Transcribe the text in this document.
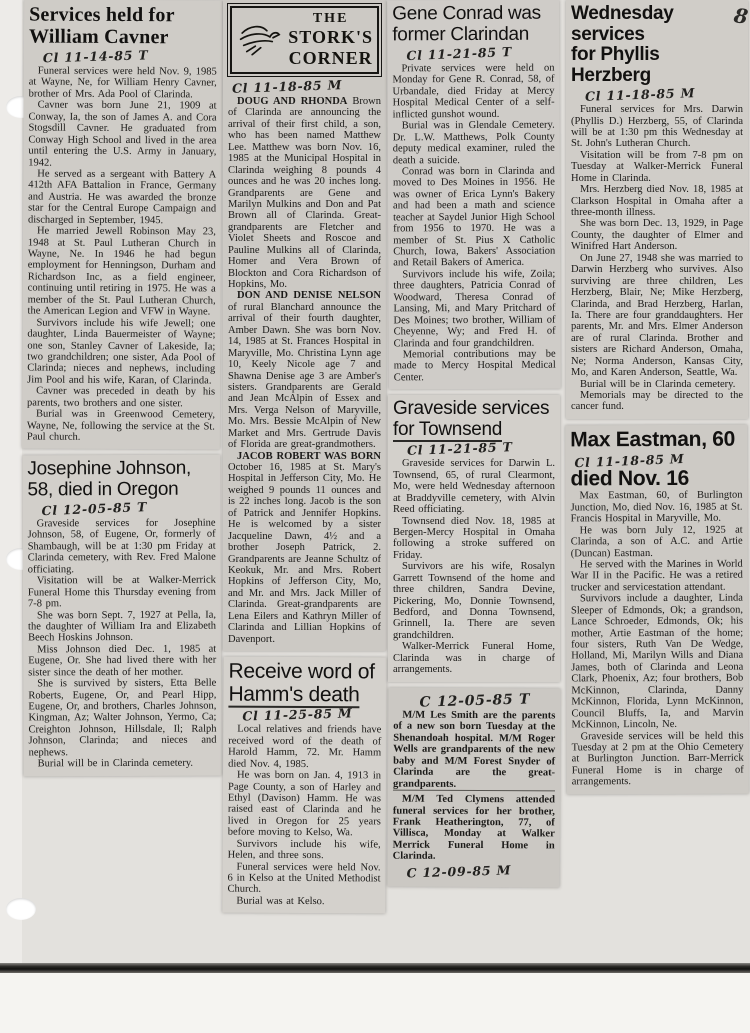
Services held for
William Cavner
Cl 11-14-85 T

Funeral services were held Nov. 9, 1985 at Wayne, Ne, for William Henry Cavner, brother of Mrs. Ada Pool of Clarinda.

Cavner was born June 21, 1909 at Conway, Ia, the son of James A. and Cora Stogsdill Cavner. He graduated from Conway High School and lived in the area until entering the U.S. Army in January, 1942.

He served as a sergeant with Battery A 412th AFA Battalion in France, Germany and Austria. He was awarded the bronze star for the Central Europe Campaign and discharged in September, 1945.

He married Jewell Robinson May 23, 1948 at St. Paul Lutheran Church in Wayne, Ne. In 1946 he had begun employment for Henningson, Durham and Richardson Inc, as a field engineer, continuing until retiring in 1975. He was a member of the St. Paul Lutheran Church, the American Legion and VFW in Wayne.

Survivors include his wife Jewell; one daughter, Linda Bauermeister of Wayne; one son, Stanley Cavner of Lakeside, Ia; two grandchildren; one sister, Ada Pool of Clarinda; nieces and nephews, including Jim Pool and his wife, Karan, of Clarinda.

Cavner was preceded in death by his parents, two brothers and one sister.

Burial was in Greenwood Cemetery, Wayne, Ne, following the service at the St. Paul church.

Josephine Johnson,
58, died in Oregon
Cl 12-05-85 T

Graveside services for Josephine Johnson, 58, of Eugene, Or, formerly of Shambaugh, will be at 1:30 pm Friday at Clarinda cemetery, with Rev. Fred Malone officiating.

Visitation will be at Walker-Merrick Funeral Home this Thursday evening from 7-8 pm.

She was born Sept. 7, 1927 at Pella, Ia, the daughter of William Ira and Elizabeth Beech Hoskins Johnson.

Miss Johnson died Dec. 1, 1985 at Eugene, Or. She had lived there with her sister since the death of her mother.

She is survived by sisters, Etta Belle Roberts, Eugene, Or, and Pearl Hipp, Eugene, Or, and brothers, Charles Johnson, Kingman, Az; Walter Johnson, Yermo, Ca; Creighton Johnson, Hillsdale, Il; Ralph Johnson, Clarinda; and nieces and nephews.

Burial will be in Clarinda cemetery.

THE
STORK'S
CORNER
Cl 11-18-85 M

DOUG AND RHONDA Brown of Clarinda are announcing the arrival of their first child, a son, who has been named Matthew Lee. Matthew was born Nov. 16, 1985 at the Municipal Hospital in Clarinda weighing 8 pounds 4 ounces and he was 20 inches long. Grandparents are Gene and Marilyn Mulkins and Don and Pat Brown all of Clarinda. Great-grandparents are Fletcher and Violet Sheets and Roscoe and Pauline Mulkins all of Clarinda, Homer and Vera Brown of Blockton and Cora Richardson of Hopkins, Mo.

DON AND DENISE NELSON of rural Blanchard announce the arrival of their fourth daughter, Amber Dawn. She was born Nov. 14, 1985 at St. Frances Hospital in Maryville, Mo. Christina Lynn age 10, Keely Nicole age 7 and Shawna Denise age 3 are Amber's sisters. Grandparents are Gerald and Jean McAlpin of Essex and Mrs. Verga Nelson of Maryville, Mo. Mrs. Bessie McAlpin of New Market and Mrs. Gertrude Davis of Florida are great-grandmothers.

JACOB ROBERT WAS BORN October 16, 1985 at St. Mary's Hospital in Jefferson City, Mo. He weighed 9 pounds 11 ounces and is 22 inches long. Jacob is the son of Patrick and Jennifer Hopkins. He is welcomed by a sister Jacqueline Dawn, 4½ and a brother Joseph Patrick, 2. Grandparents are Jeanne Schultz of Keokuk, Mr. and Mrs. Robert Hopkins of Jefferson City, Mo, and Mr. and Mrs. Jack Miller of Clarinda. Great-grandparents are Lena Eilers and Kathryn Miller of Clarinda and Lillian Hopkins of Davenport.

Receive word of
Hamm's death
Cl 11-25-85 M

Local relatives and friends have received word of the death of Harold Hamm, 72. Mr. Hamm died Nov. 4, 1985.

He was born on Jan. 4, 1913 in Page County, a son of Harley and Ethyl (Davison) Hamm. He was raised east of Clarinda and he lived in Oregon for 25 years before moving to Kelso, Wa.

Survivors include his wife, Helen, and three sons.

Funeral services were held Nov. 6 in Kelso at the United Methodist Church.

Burial was at Kelso.

Gene Conrad was
former Clarindan
Cl 11-21-85 T

Private services were held on Monday for Gene R. Conrad, 58, of Urbandale, died Friday at Mercy Hospital Medical Center of a self-inflicted gunshot wound.

Burial was in Glendale Cemetery. Dr. L.W. Matthews, Polk County deputy medical examiner, ruled the death a suicide.

Conrad was born in Clarinda and moved to Des Moines in 1956. He was owner of Erica Lynn's Bakery and had been a math and science teacher at Saydel Junior High School from 1956 to 1970. He was a member of St. Pius X Catholic Church, Iowa, Bakers' Association and Retail Bakers of America.

Survivors include his wife, Zoila; three daughters, Patricia Conrad of Woodward, Theresa Conrad of Lansing, Mi, and Mary Pritchard of Des Moines; two brother, William of Cheyenne, Wy; and Fred H. of Clarinda and four grandchildren.

Memorial contributions may be made to Mercy Hospital Medical Center.

Graveside services
for Townsend
Cl 11-21-85 T

Graveside services for Darwin L. Townsend, 65, of rural Clearmont, Mo, were held Wednesday afternoon at Braddyville cemetery, with Alvin Reed officiating.

Townsend died Nov. 18, 1985 at Bergen-Mercy Hospital in Omaha following a stroke suffered on Friday.

Survivors are his wife, Rosalyn Garrett Townsend of the home and three children, Sandra Devine, Pickering, Mo, Donnie Townsend, Bedford, and Donna Townsend, Grinnell, Ia. There are seven grandchildren.

Walker-Merrick Funeral Home, Clarinda was in charge of arrangements.

C 12-05-85 T

M/M Les Smith are the parents of a new son born Tuesday at the Shenandoah hospital. M/M Roger Wells are grandparents of the new baby and M/M Forest Snyder of Clarinda are the great-grandparents.

M/M Ted Clymens attended funeral services for her brother, Frank Heatherington, 77, of Villisca, Monday at Walker Merrick Funeral Home in Clarinda.

C 12-09-85 M
Wednesday services
for Phyllis Herzberg
Cl 11-18-85 M

Funeral services for Mrs. Darwin (Phyllis D.) Herzberg, 55, of Clarinda will be at 1:30 pm this Wednesday at St. John's Lutheran Church.

Visitation will be from 7-8 pm on Tuesday at Walker-Merrick Funeral Home in Clarinda.

Mrs. Herzberg died Nov. 18, 1985 at Clarkson Hospital in Omaha after a three-month illness.

She was born Dec. 13, 1929, in Page County, the daughter of Elmer and Winifred Hart Anderson.

On June 27, 1948 she was married to Darwin Herzberg who survives. Also surviving are three children, Les Herzberg, Blair, Ne; Mike Herzberg, Clarinda, and Brad Herzberg, Harlan, Ia. There are four granddaughters. Her parents, Mr. and Mrs. Elmer Anderson are of rural Clarinda. Brother and sisters are Richard Anderson, Omaha, Ne; Norma Anderson, Kansas City, Mo, and Karen Anderson, Seattle, Wa.

Burial will be in Clarinda cemetery.

Memorials may be directed to the cancer fund.

Max Eastman, 60
Cl 11-18-85 M
died Nov. 16

Max Eastman, 60, of Burlington Junction, Mo, died Nov. 16, 1985 at St. Francis Hospital in Maryville, Mo.

He was born July 12, 1925 at Clarinda, a son of A.C. and Artie (Duncan) Eastman.

He served with the Marines in World War II in the Pacific. He was a retired trucker and servicestation attendant.

Survivors include a daughter, Linda Sleeper of Edmonds, Ok; a grandson, Lance Schroeder, Edmonds, Ok; his mother, Artie Eastman of the home; four sisters, Ruth Van De Wedge, Holland, Mi, Marilyn Wills and Diana James, both of Clarinda and Leona Clark, Phoenix, Az; four brothers, Bob McKinnon, Clarinda, Danny McKinnon, Florida, Lynn McKinnon, Council Bluffs, Ia, and Marvin McKinnon, Lincoln, Ne.

Graveside services will be held this Tuesday at 2 pm at the Ohio Cemetery at Burlington Junction. Barr-Merrick Funeral Home is in charge of arrangements.

8
